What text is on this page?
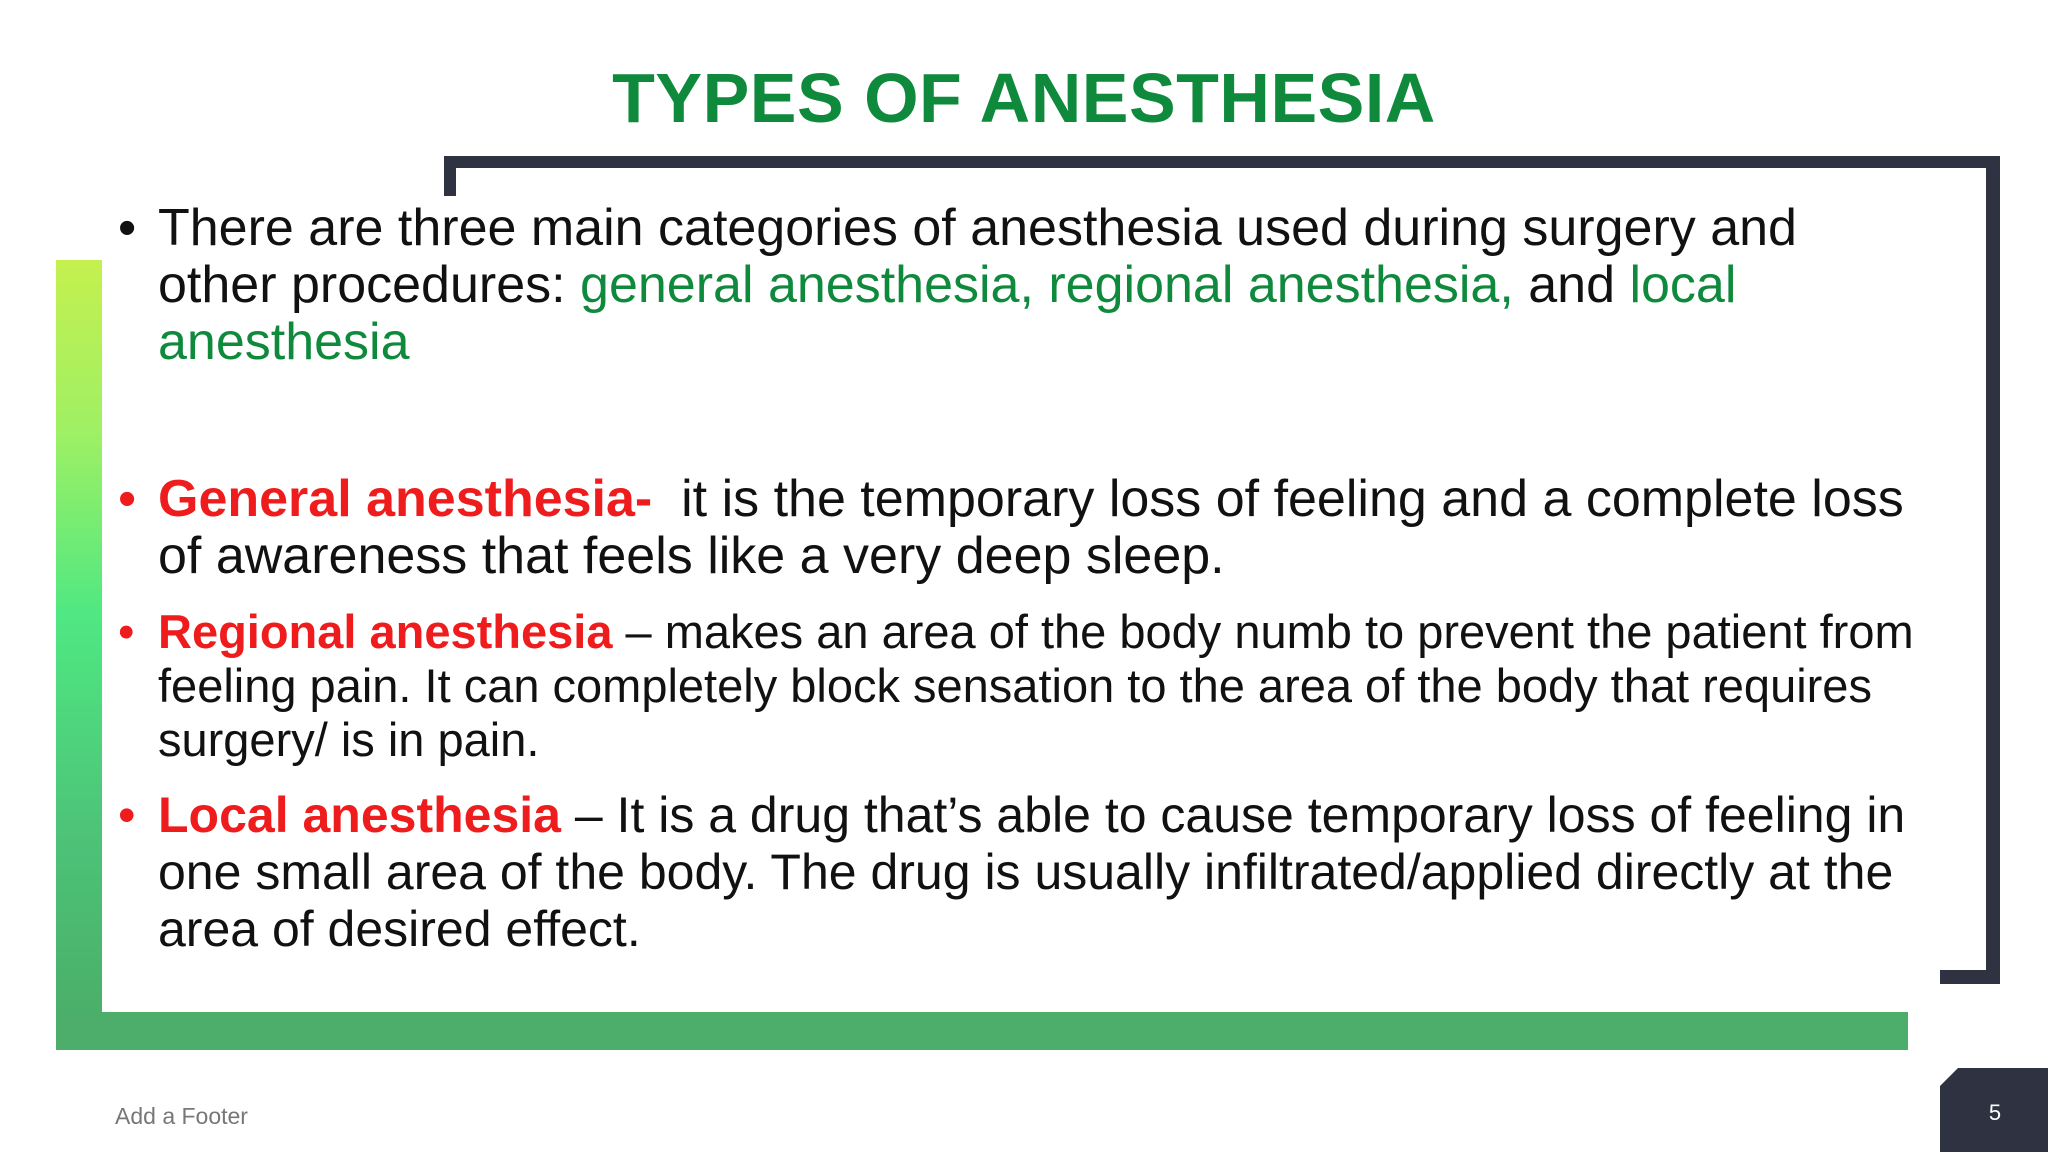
TYPES OF ANESTHESIA

• There are three main categories of anesthesia used during surgery and other procedures: general anesthesia, regional anesthesia, and local anesthesia

• General anesthesia-  it is the temporary loss of feeling and a complete loss of awareness that feels like a very deep sleep.

• Regional anesthesia – makes an area of the body numb to prevent the patient from feeling pain. It can completely block sensation to the area of the body that requires surgery/ is in pain.

• Local anesthesia – It is a drug that’s able to cause temporary loss of feeling in one small area of the body. The drug is usually infiltrated/applied directly at the area of desired effect.

Add a Footer	5
